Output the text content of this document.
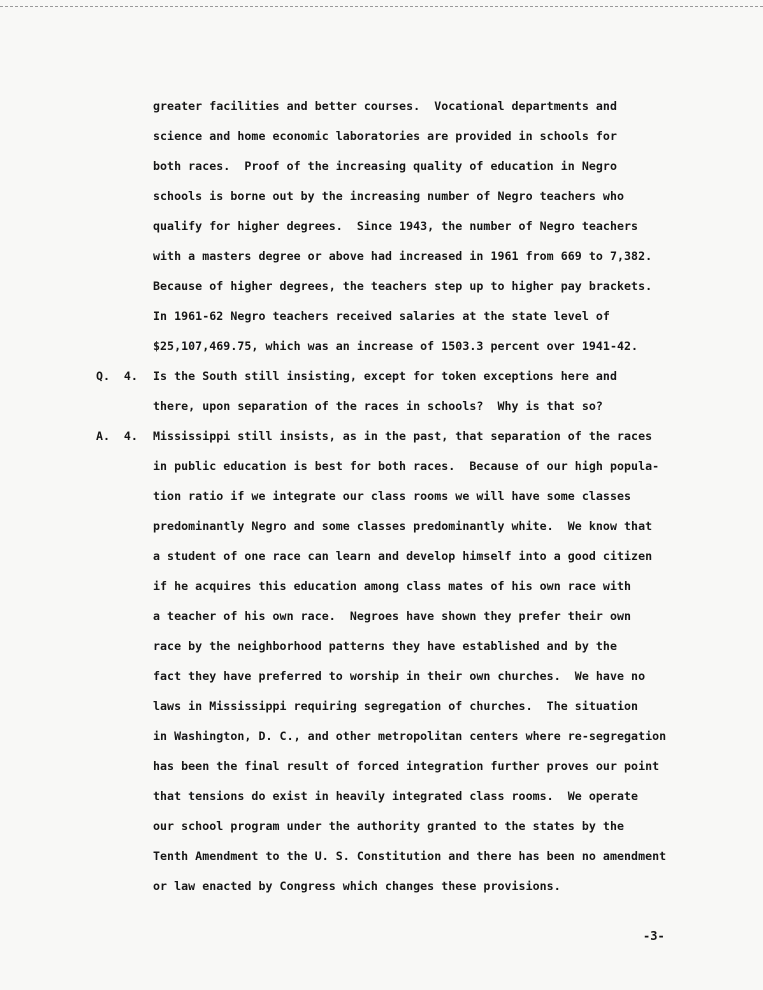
greater facilities and better courses.  Vocational departments and
science and home economic laboratories are provided in schools for
both races.  Proof of the increasing quality of education in Negro
schools is borne out by the increasing number of Negro teachers who
qualify for higher degrees.  Since 1943, the number of Negro teachers
with a masters degree or above had increased in 1961 from 669 to 7,382.
Because of higher degrees, the teachers step up to higher pay brackets.
In 1961-62 Negro teachers received salaries at the state level of
$25,107,469.75, which was an increase of 1503.3 percent over 1941-42.
Q.  4. Is the South still insisting, except for token exceptions here and
there, upon separation of the races in schools?  Why is that so?
A.  4. Mississippi still insists, as in the past, that separation of the races
in public education is best for both races.  Because of our high popula-
tion ratio if we integrate our class rooms we will have some classes
predominantly Negro and some classes predominantly white.  We know that
a student of one race can learn and develop himself into a good citizen
if he acquires this education among class mates of his own race with
a teacher of his own race.  Negroes have shown they prefer their own
race by the neighborhood patterns they have established and by the
fact they have preferred to worship in their own churches.  We have no
laws in Mississippi requiring segregation of churches.  The situation
in Washington, D. C., and other metropolitan centers where re-segregation
has been the final result of forced integration further proves our point
that tensions do exist in heavily integrated class rooms.  We operate
our school program under the authority granted to the states by the
Tenth Amendment to the U. S. Constitution and there has been no amendment
or law enacted by Congress which changes these provisions.
-3-
